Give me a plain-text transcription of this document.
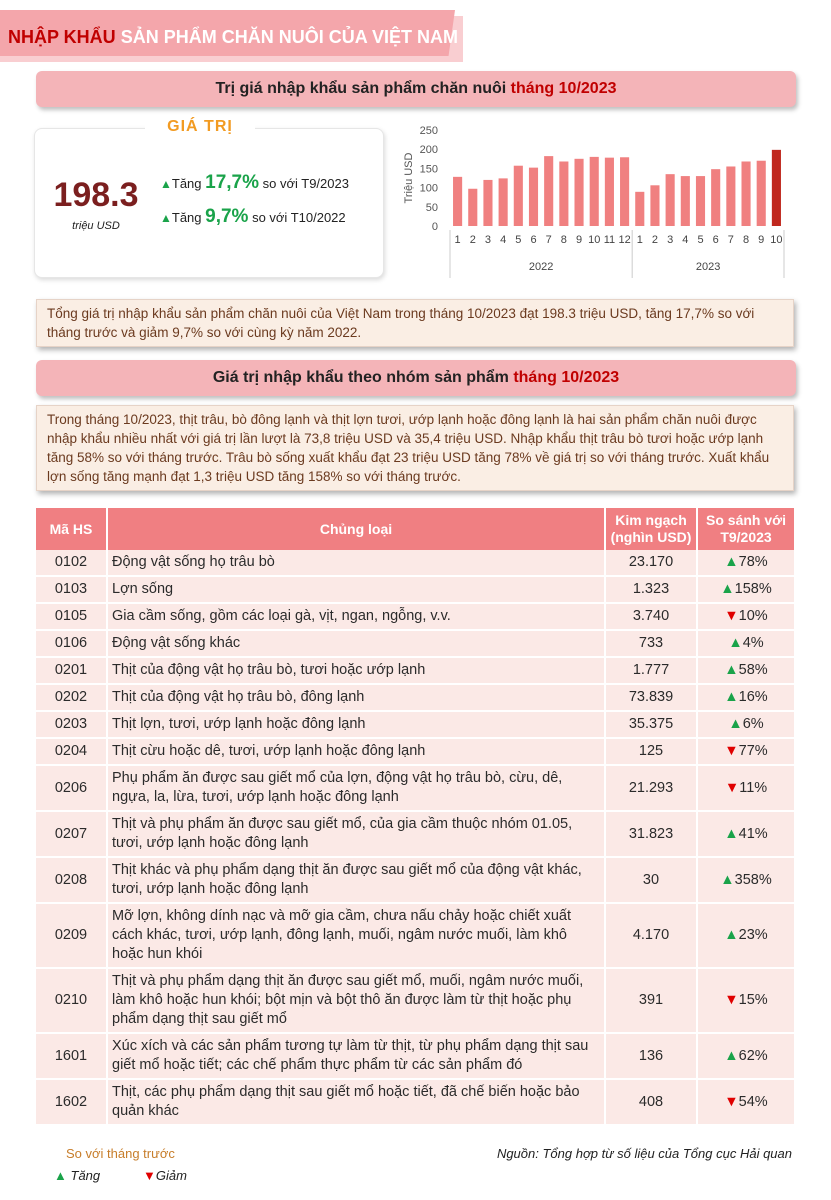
NHẬP KHẨU SẢN PHẨM CHĂN NUÔI CỦA VIỆT NAM
Trị giá nhập khẩu sản phẩm chăn nuôi tháng 10/2023
GIÁ TRỊ
198.3
triệu USD
▲Tăng 17,7% so với T9/2023
▲Tăng 9,7% so với T10/2022
0
50
100
150
200
250
Triệu USD
1 2 3 4 5 6 7 8 9 10 11 12 1 2 3 4 5 6 7 8 9 10
2022	2023
Tổng giá trị nhập khẩu sản phẩm chăn nuôi của Việt Nam trong tháng 10/2023 đạt 198.3 triệu USD, tăng 17,7% so với tháng trước và giảm 9,7% so với cùng kỳ năm 2022.
Giá trị nhập khẩu theo nhóm sản phẩm tháng 10/2023
Trong tháng 10/2023, thịt trâu, bò đông lạnh và thịt lợn tươi, ướp lạnh hoặc đông lạnh là hai sản phẩm chăn nuôi được nhập khẩu nhiều nhất với giá trị lần lượt là 73,8 triệu USD và 35,4 triệu USD. Nhập khẩu thịt trâu bò tươi hoặc ướp lạnh tăng 58% so với tháng trước. Trâu bò sống xuất khẩu đạt 23 triệu USD tăng 78% về giá trị so với tháng trước. Xuất khẩu lợn sống tăng mạnh đạt 1,3 triệu USD tăng 158% so với tháng trước.
Mã HS	Chủng loại	Kim ngạch (nghìn USD)	So sánh với T9/2023
0102	Động vật sống họ trâu bò	23.170	▲78%
0103	Lợn sống	1.323	▲158%
0105	Gia cầm sống, gồm các loại gà, vịt, ngan, ngỗng, v.v.	3.740	▼10%
0106	Động vật sống khác	733	▲4%
0201	Thịt của động vật họ trâu bò, tươi hoặc ướp lạnh	1.777	▲58%
0202	Thịt của động vật họ trâu bò, đông lạnh	73.839	▲16%
0203	Thịt lợn, tươi, ướp lạnh hoặc đông lạnh	35.375	▲6%
0204	Thịt cừu hoặc dê, tươi, ướp lạnh hoặc đông lạnh	125	▼77%
0206	Phụ phẩm ăn được sau giết mổ của lợn, động vật họ trâu bò, cừu, dê, ngựa, la, lừa, tươi, ướp lạnh hoặc đông lạnh	21.293	▼11%
0207	Thịt và phụ phẩm ăn được sau giết mổ, của gia cầm thuộc nhóm 01.05, tươi, ướp lạnh hoặc đông lạnh	31.823	▲41%
0208	Thịt khác và phụ phẩm dạng thịt ăn được sau giết mổ của động vật khác, tươi, ướp lạnh hoặc đông lạnh	30	▲358%
0209	Mỡ lợn, không dính nạc và mỡ gia cầm, chưa nấu chảy hoặc chiết xuất cách khác, tươi, ướp lạnh, đông lạnh, muối, ngâm nước muối, làm khô hoặc hun khói	4.170	▲23%
0210	Thịt và phụ phẩm dạng thịt ăn được sau giết mổ, muối, ngâm nước muối, làm khô hoặc hun khói; bột mịn và bột thô ăn được làm từ thịt hoặc phụ phẩm dạng thịt sau giết mổ	391	▼15%
1601	Xúc xích và các sản phẩm tương tự làm từ thịt, từ phụ phẩm dạng thịt sau giết mổ hoặc tiết; các chế phẩm thực phẩm từ các sản phẩm đó	136	▲62%
1602	Thịt, các phụ phẩm dạng thịt sau giết mổ hoặc tiết, đã chế biến hoặc bảo quản khác	408	▼54%
So với tháng trước
▲ Tăng	▼Giảm
Nguồn: Tổng hợp từ số liệu của Tổng cục Hải quan
